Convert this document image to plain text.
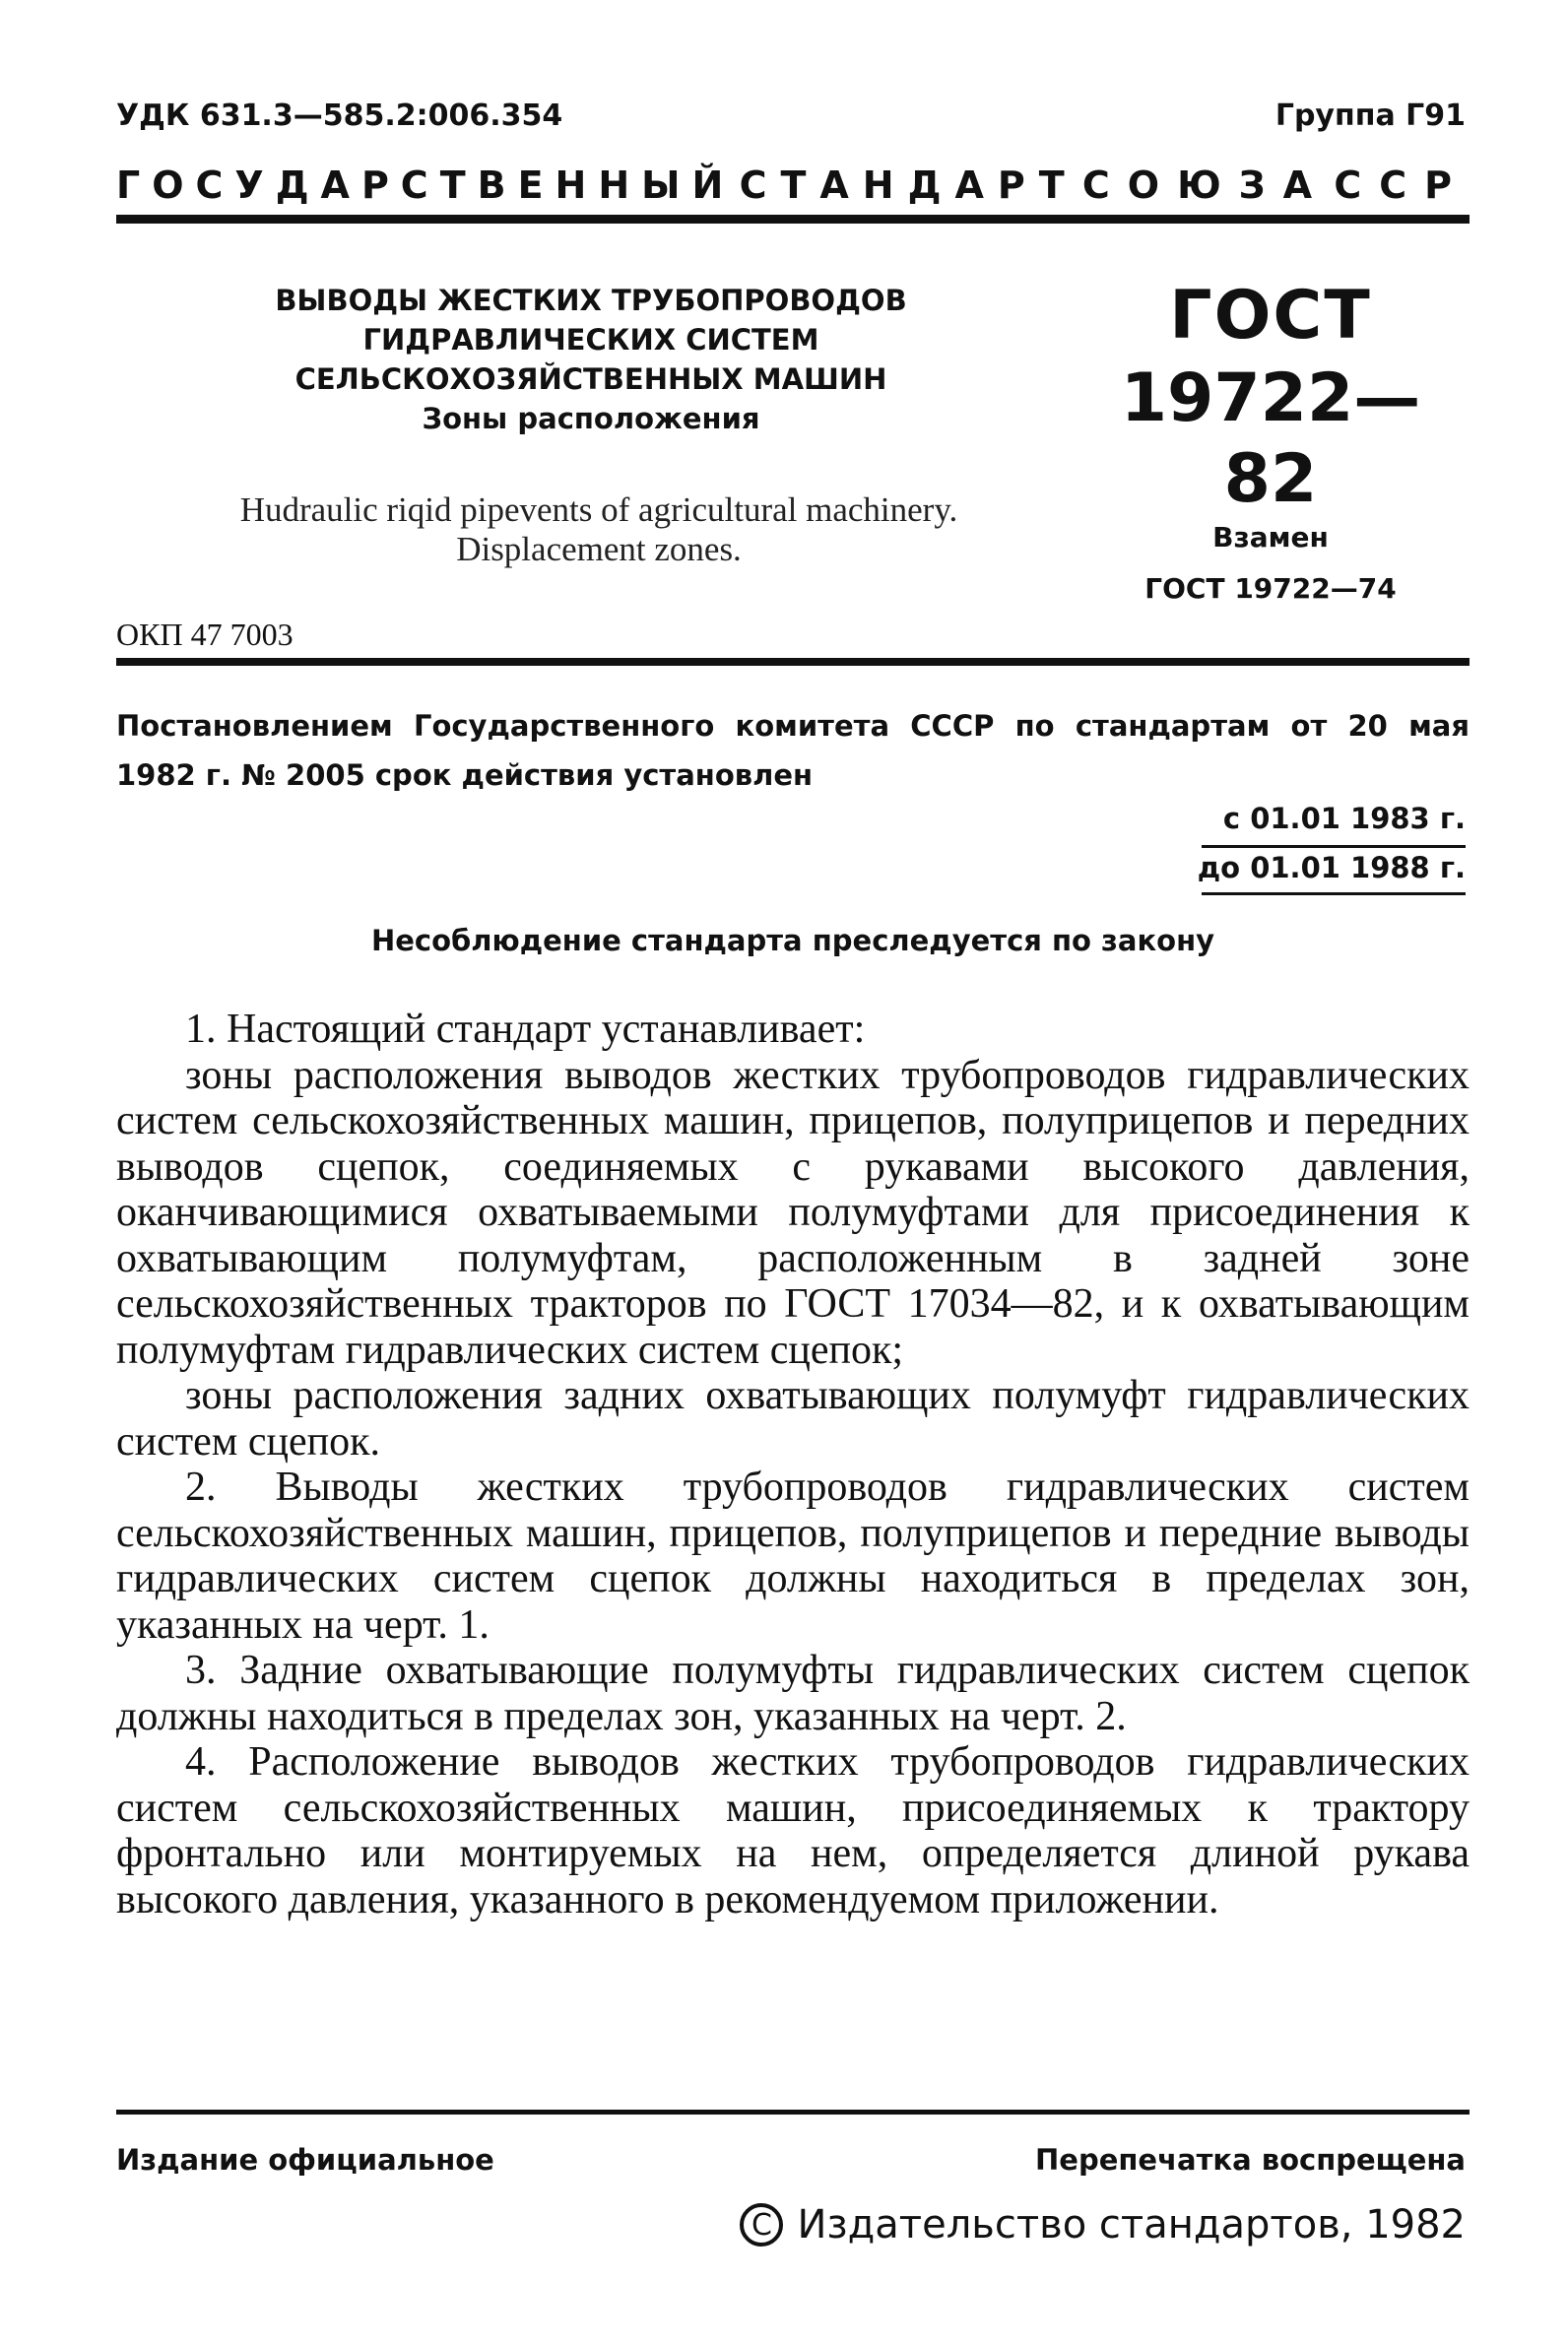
УДК 631.3—585.2:006.354	Группа Г91
ГОСУДАРСТВЕННЫЙ СТАНДАРТ СОЮЗА ССР
ВЫВОДЫ ЖЕСТКИХ ТРУБОПРОВОДОВ
ГИДРАВЛИЧЕСКИХ СИСТЕМ
СЕЛЬСКОХОЗЯЙСТВЕННЫХ МАШИН
Зоны расположения
ГОСТ
19722—82
Hudraulic riqid pipevents of agricultural machinery.
Displacement zones.	Взамен
ГОСТ 19722—74
ОКП 47 7003
Постановлением Государственного комитета СССР по стандартам от 20 мая
1982 г. № 2005 срок действия установлен
с 01.01 1983 г.
до 01.01 1988 г.
Несоблюдение стандарта преследуется по закону

1. Настоящий стандарт устанавливает:

зоны расположения выводов жестких трубопроводов гидравлических систем сельскохозяйственных машин, прицепов, полуприцепов и передних выводов сцепок, соединяемых с рукавами высокого давления, оканчивающимися охватываемыми полумуфтами для присоединения к охватывающим полумуфтам, расположенным в задней зоне сельскохозяйственных тракторов по ГОСТ 17034—82, и к охватывающим полумуфтам гидравлических систем сцепок;

зоны расположения задних охватывающих полумуфт гидравлических систем сцепок.

2. Выводы жестких трубопроводов гидравлических систем сельскохозяйственных машин, прицепов, полуприцепов и передние выводы гидравлических систем сцепок должны находиться в пределах зон, указанных на черт. 1.

3. Задние охватывающие полумуфты гидравлических систем сцепок должны находиться в пределах зон, указанных на черт. 2.

4. Расположение выводов жестких трубопроводов гидравлических систем сельскохозяйственных машин, присоединяемых к трактору фронтально или монтируемых на нем, определяется длиной рукава высокого давления, указанного в рекомендуемом приложении.

Издание официальное	Перепечатка воспрещена
C Издательство стандартов, 1982
